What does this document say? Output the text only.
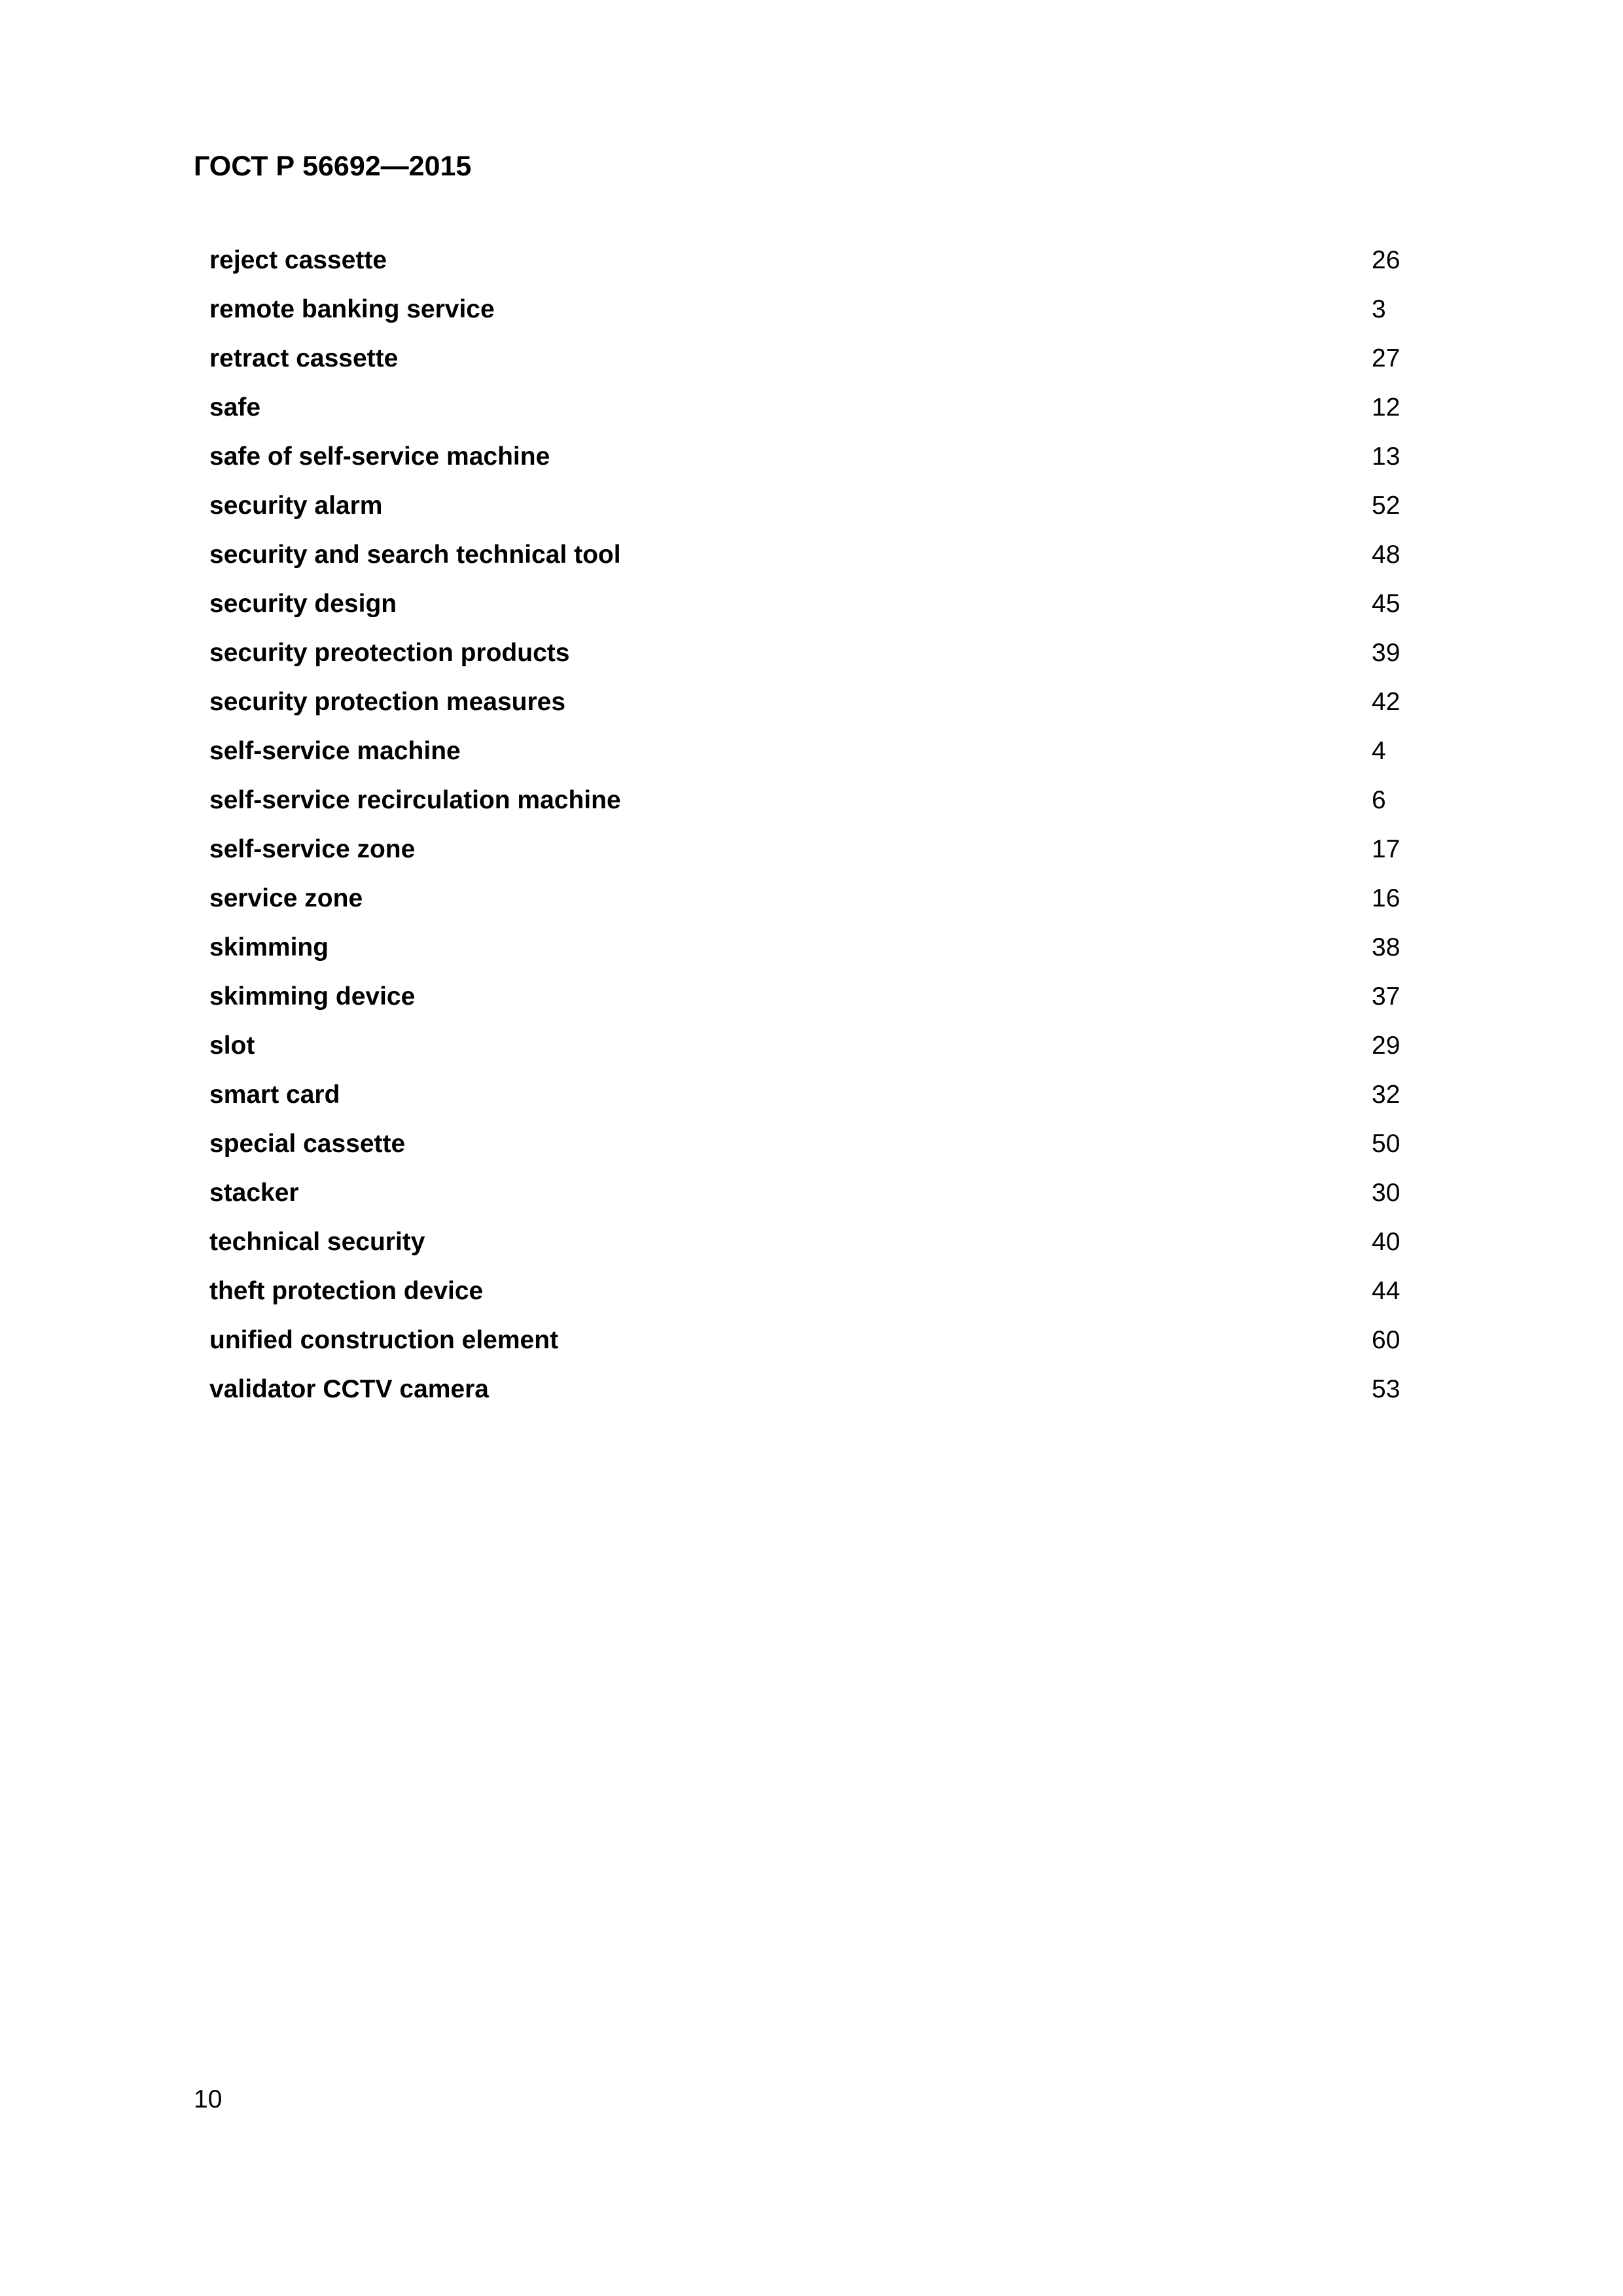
ГОСТ Р 56692—2015
reject cassette	26
remote banking service	3
retract cassette	27
safe	12
safe of self-service machine	13
security alarm	52
security and search technical tool	48
security design	45
security preotection products	39
security protection measures	42
self-service machine	4
self-service recirculation machine	6
self-service zone	17
service zone	16
skimming	38
skimming device	37
slot	29
smart card	32
special cassette	50
stacker	30
technical security	40
theft protection device	44
unified construction element	60
validator CCTV camera	53
10
